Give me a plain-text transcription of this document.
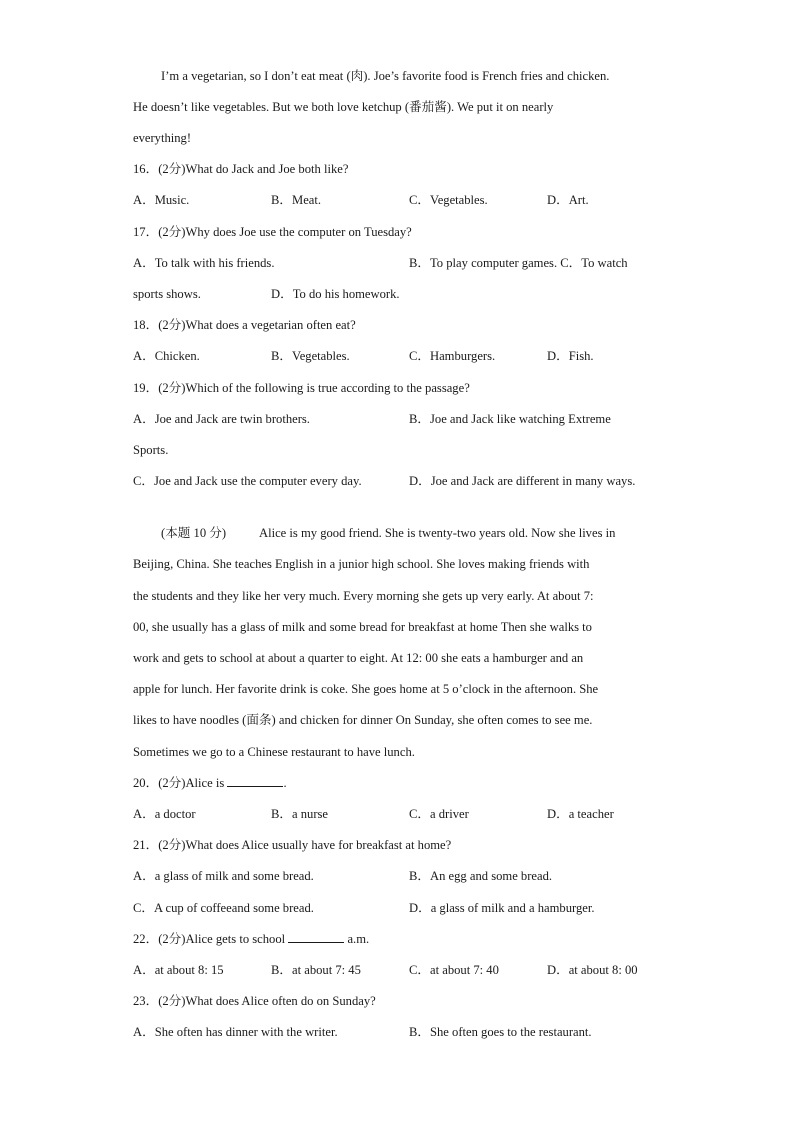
I’m a vegetarian, so I don’t eat meat (肉). Joe’s favorite food is French fries and chicken.
He doesn’t like vegetables. But we both love ketchup (番茄酱). We put it on nearly
everything!
16．(2分)What do Jack and Joe both like?
A．Music.	B．Meat.	C．Vegetables.	D．Art.
17．(2分)Why does Joe use the computer on Tuesday?
A．To talk with his friends.	B．To play computer games. C．To watch
sports shows.	D．To do his homework.
18．(2分)What does a vegetarian often eat?
A．Chicken.	B．Vegetables.	C．Hamburgers.	D．Fish.
19．(2分)Which of the following is true according to the passage?
A．Joe and Jack are twin brothers.	B．Joe and Jack like watching Extreme
Sports.
C．Joe and Jack use the computer every day.	D．Joe and Jack are different in many ways.
(本题 10 分)	Alice is my good friend. She is twenty-two years old. Now she lives in
Beijing, China. She teaches English in a junior high school. She loves making friends with
the students and they like her very much. Every morning she gets up very early. At about 7:
00, she usually has a glass of milk and some bread for breakfast at home Then she walks to
work and gets to school at about a quarter to eight. At 12: 00 she eats a hamburger and an
apple for lunch. Her favorite drink is coke. She goes home at 5 o’clock in the afternoon. She
likes to have noodles (面条) and chicken for dinner On Sunday, she often comes to see me.
Sometimes we go to a Chinese restaurant to have lunch.
20．(2分)Alice is	.
A．a doctor	B．a nurse	C．a driver	D．a teacher
21．(2分)What does Alice usually have for breakfast at home?
A．a glass of milk and some bread.	B．An egg and some bread.
C．A cup of coffeeand some bread.	D．a glass of milk and a hamburger.
22．(2分)Alice gets to school	a.m.
A．at about 8: 15	B．at about 7: 45	C．at about 7: 40	D．at about 8: 00
23．(2分)What does Alice often do on Sunday?
A．She often has dinner with the writer.	B．She often goes to the restaurant.
